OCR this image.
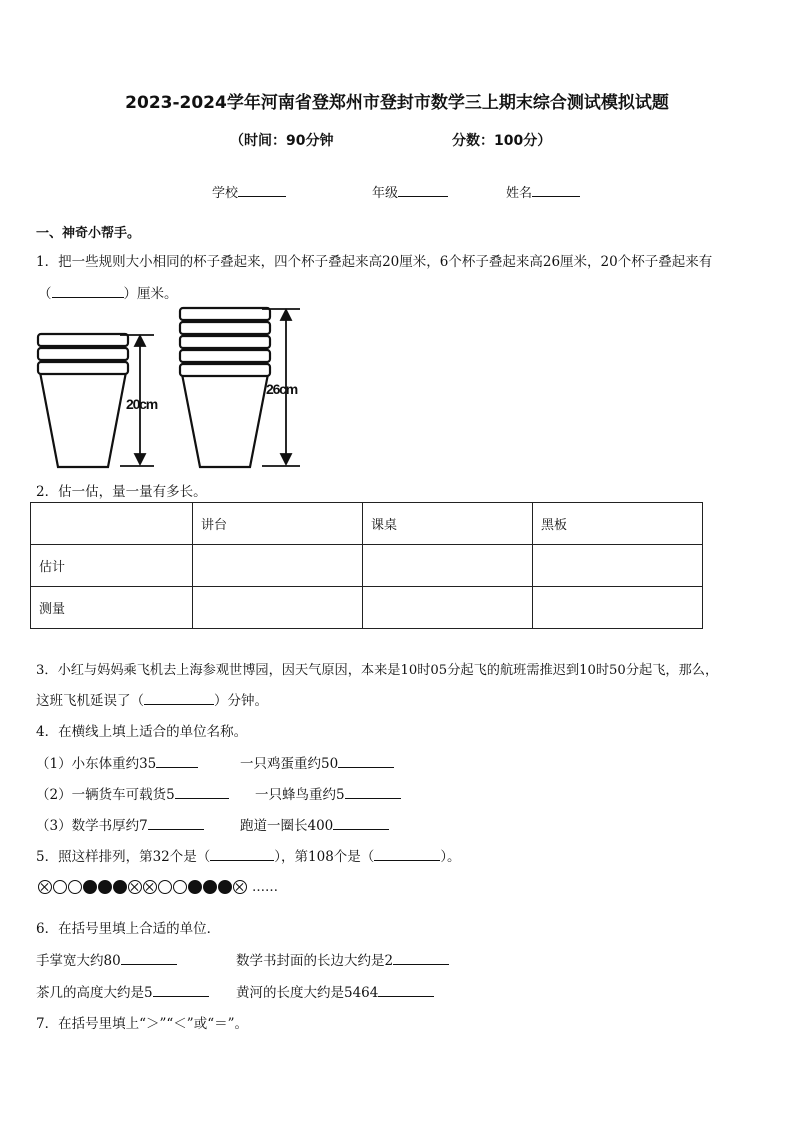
2023-2024学年河南省登郑州市登封市数学三上期末综合测试模拟试题
（时间：90分钟	分数：100分）
学校	年级	姓名
一、神奇小帮手。
1．把一些规则大小相同的杯子叠起来，四个杯子叠起来高20厘米，6个杯子叠起来高26厘米，20个杯子叠起来有
（	）厘米。
20cm
26cm
2．估一估，量一量有多长。
	讲台	课桌	黑板
估计			
测量			
3．小红与妈妈乘飞机去上海参观世博园，因天气原因，本来是10时05分起飞的航班需推迟到10时50分起飞，那么，
这班飞机延误了（	）分钟。
4．在横线上填上适合的单位名称。
（1）小东体重约35	一只鸡蛋重约50
（2）一辆货车可载货5	一只蜂鸟重约5
（3）数学书厚约7	跑道一圈长400
5．照这样排列，第32个是（	），第108个是（	）。
……
6．在括号里填上合适的单位．
手掌宽大约80	数学书封面的长边大约是2
茶几的高度大约是5	黄河的长度大约是5464
7．在括号里填上“＞”“＜”或“＝”。
